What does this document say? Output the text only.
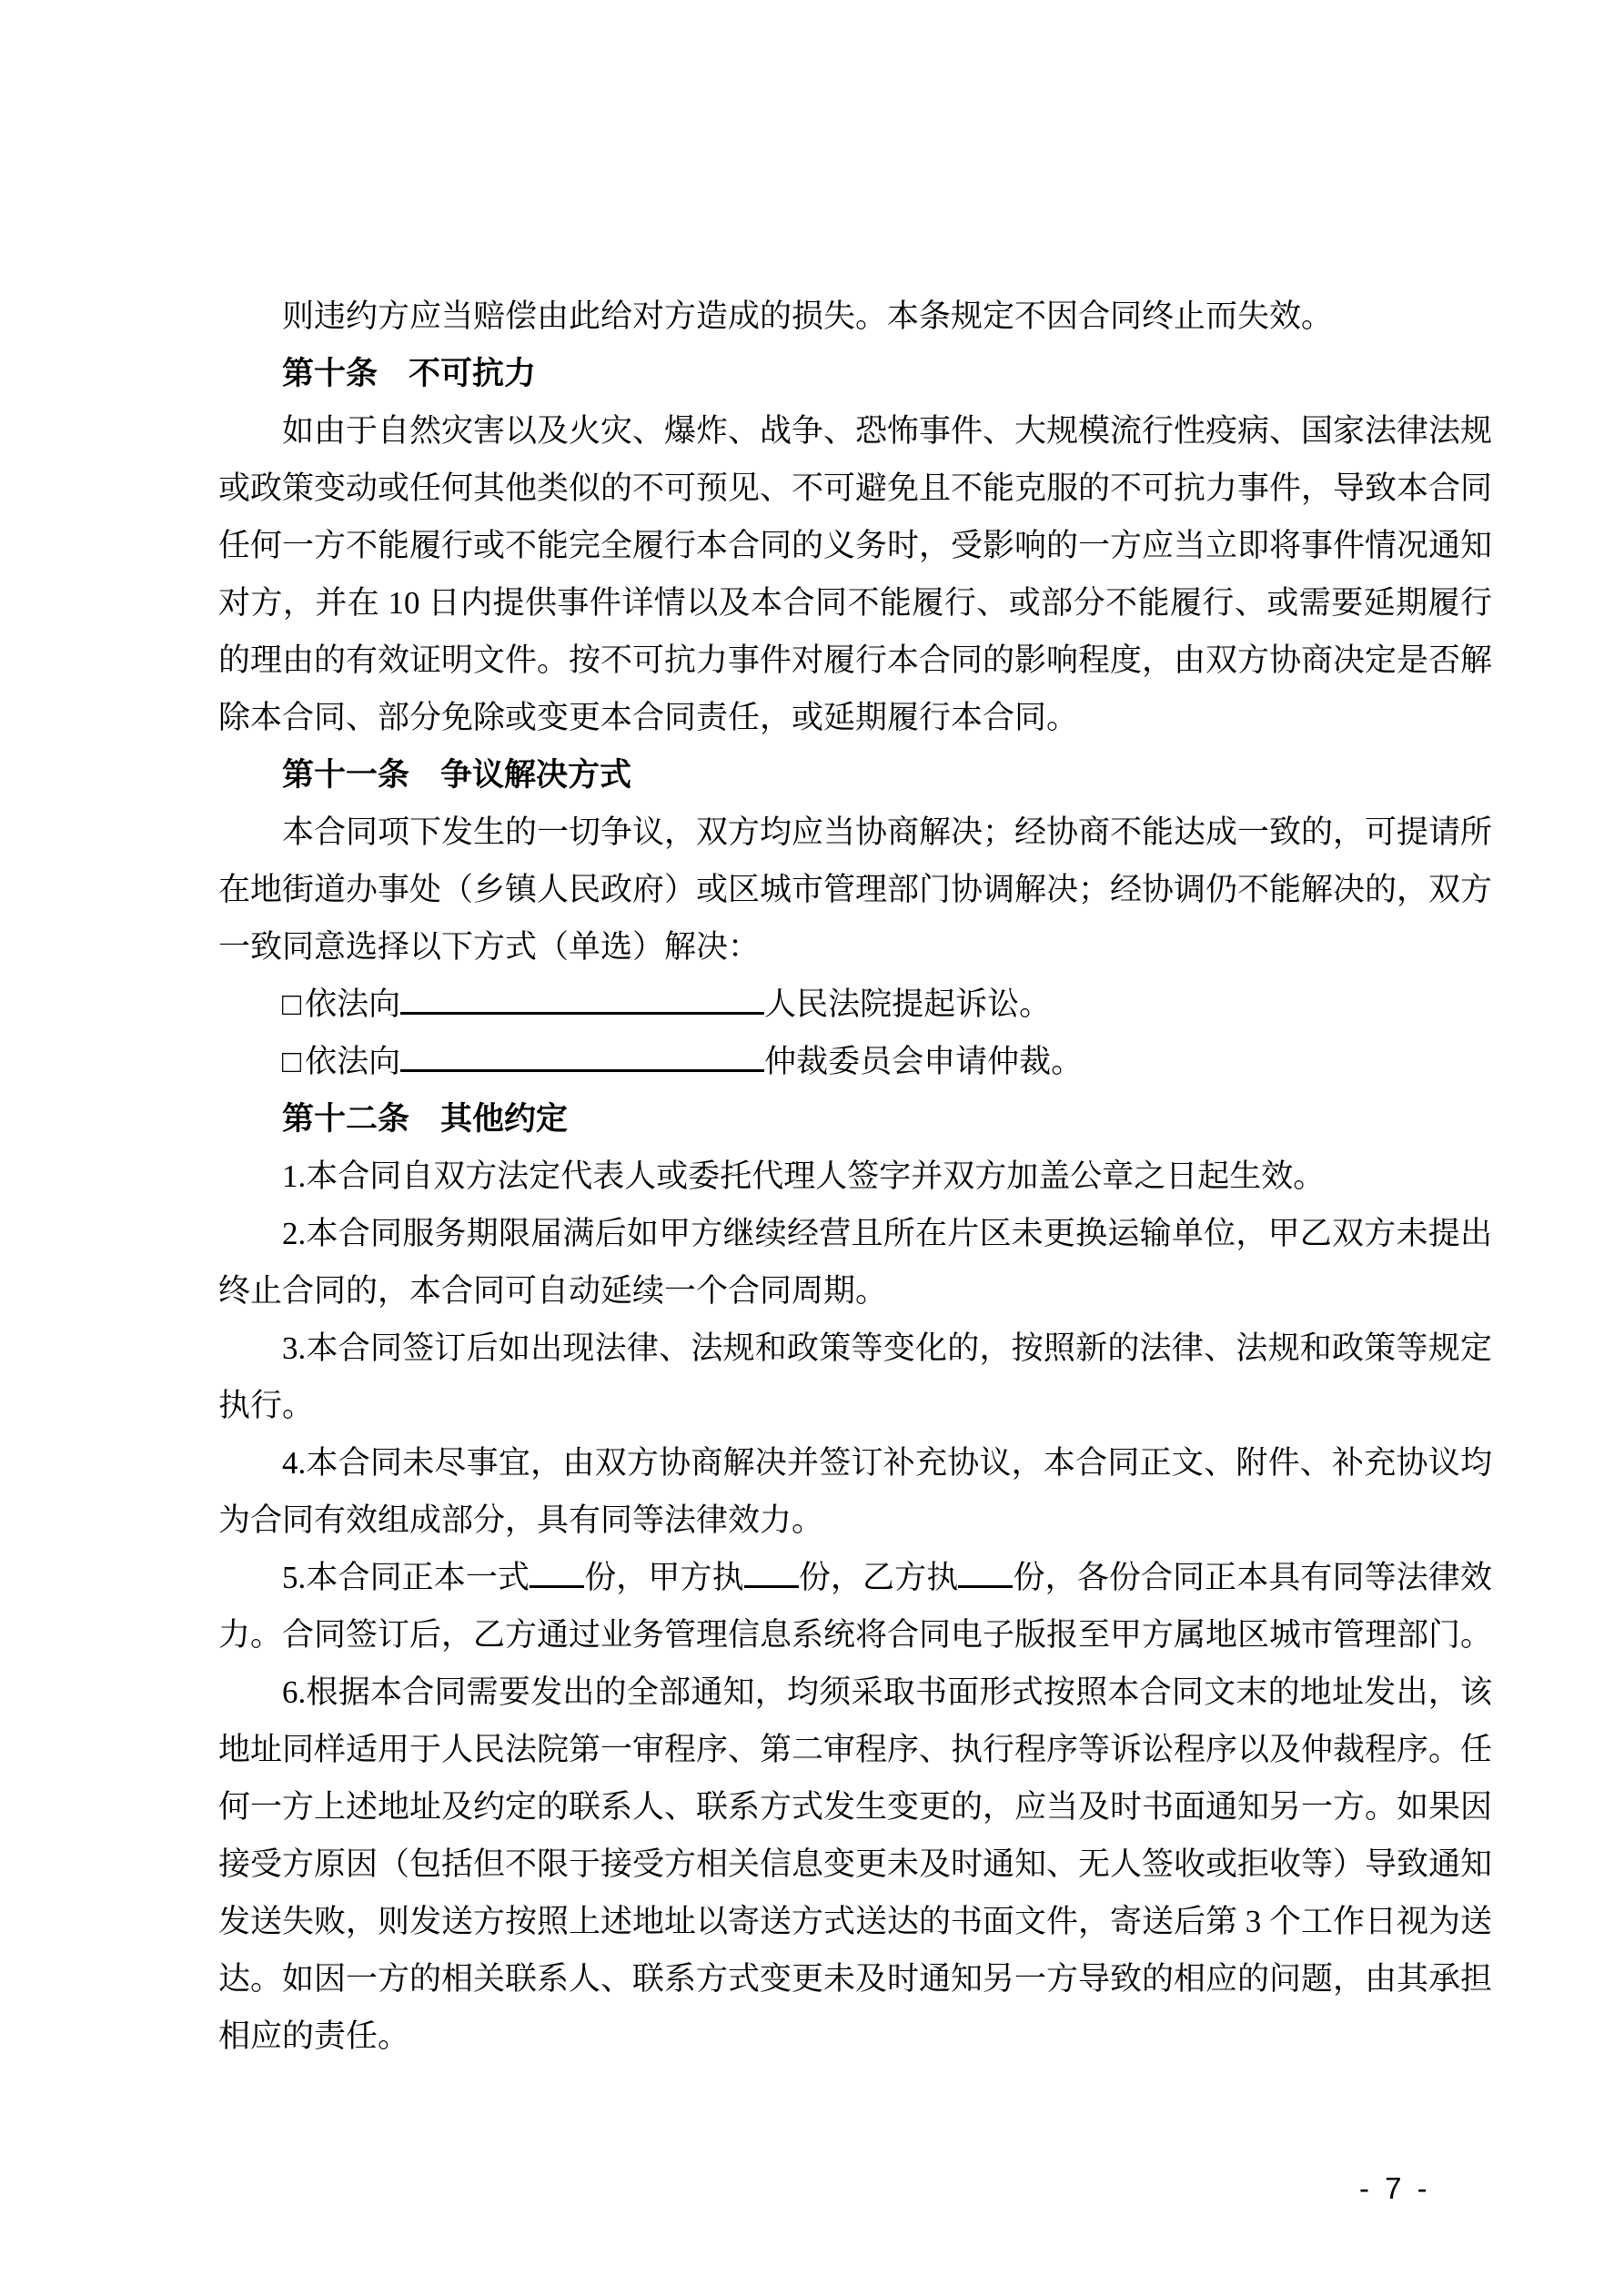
则违约方应当赔偿由此给对方造成的损失。本条规定不因合同终止而失效。

第十条 不可抗力

如由于自然灾害以及火灾、爆炸、战争、恐怖事件、大规模流行性疫病、国家法律法规或政策变动或任何其他类似的不可预见、不可避免且不能克服的不可抗力事件，导致本合同任何一方不能履行或不能完全履行本合同的义务时，受影响的一方应当立即将事件情况通知对方，并在 10 日内提供事件详情以及本合同不能履行、或部分不能履行、或需要延期履行的理由的有效证明文件。按不可抗力事件对履行本合同的影响程度，由双方协商决定是否解除本合同、部分免除或变更本合同责任，或延期履行本合同。

第十一条 争议解决方式

本合同项下发生的一切争议，双方均应当协商解决；经协商不能达成一致的，可提请所在地街道办事处（乡镇人民政府）或区城市管理部门协调解决；经协调仍不能解决的，双方一致同意选择以下方式（单选）解决：

□ 依法向	人民法院提起诉讼。

□ 依法向	仲裁委员会申请仲裁。

第十二条 其他约定

1.本合同自双方法定代表人或委托代理人签字并双方加盖公章之日起生效。

2.本合同服务期限届满后如甲方继续经营且所在片区未更换运输单位，甲乙双方未提出终止合同的，本合同可自动延续一个合同周期。

3.本合同签订后如出现法律、法规和政策等变化的，按照新的法律、法规和政策等规定执行。

4.本合同未尽事宜，由双方协商解决并签订补充协议，本合同正文、附件、补充协议均为合同有效组成部分，具有同等法律效力。

5.本合同正本一式 份，甲方执 份，乙方执 份，各份合同正本具有同等法律效力。合同签订后，乙方通过业务管理信息系统将合同电子版报至甲方属地区城市管理部门。

6.根据本合同需要发出的全部通知，均须采取书面形式按照本合同文末的地址发出，该地址同样适用于人民法院第一审程序、第二审程序、执行程序等诉讼程序以及仲裁程序。任何一方上述地址及约定的联系人、联系方式发生变更的，应当及时书面通知另一方。如果因接受方原因（包括但不限于接受方相关信息变更未及时通知、无人签收或拒收等）导致通知发送失败，则发送方按照上述地址以寄送方式送达的书面文件，寄送后第 3 个工作日视为送达。如因一方的相关联系人、联系方式变更未及时通知另一方导致的相应的问题，由其承担相应的责任。

- 7 -
